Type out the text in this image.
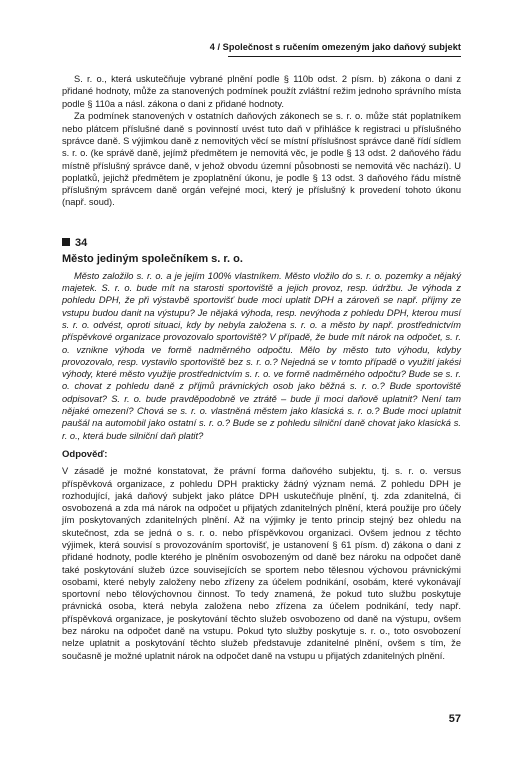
4 / Společnost s ručením omezeným jako daňový subjekt

S. r. o., která uskutečňuje vybrané plnění podle § 110b odst. 2 písm. b) zákona o dani z přidané hodnoty, může za stanovených podmínek použít zvláštní režim jednoho správního místa podle § 110a a násl. zákona o dani z přidané hodnoty.

Za podmínek stanovených v ostatních daňových zákonech se s. r. o. může stát poplatníkem nebo plátcem příslušné daně s povinností uvést tuto daň v přihlášce k registraci u příslušného správce daně. S výjimkou daně z nemovitých věcí se místní příslušnost správce daně řídí sídlem s. r. o. (ke správě daně, jejímž předmětem je nemovitá věc, je podle § 13 odst. 2 daňového řádu místně příslušný správce daně, v jehož obvodu územní působnosti se nemovitá věc nachází). U poplatků, jejichž předmětem je zpoplatnění úkonu, je podle § 13 odst. 3 daňového řádu místně příslušným správcem daně orgán veřejné moci, který je příslušný k provedení tohoto úkonu (např. soud).

34
Město jediným společníkem s. r. o.

Město založilo s. r. o. a je jejím 100% vlastníkem. Město vložilo do s. r. o. pozemky a nějaký majetek. S. r. o. bude mít na starosti sportoviště a jejich provoz, resp. údržbu. Je výhoda z pohledu DPH, že při výstavbě sportovišť bude moci uplatit DPH a zároveň se např. příjmy ze vstupu budou danit na výstupu? Je nějaká výhoda, resp. nevýhoda z pohledu DPH, kterou musí s. r. o. odvést, oproti situaci, kdy by nebyla založena s. r. o. a město by např. prostřednictvím příspěvkové organizace provozovalo sportoviště? V případě, že bude mít nárok na odpočet, s. r. o. vznikne výhoda ve formě nadměrného odpočtu. Mělo by město tuto výhodu, kdyby provozovalo, resp. vystavilo sportoviště bez s. r. o.? Nejedná se v tomto případě o využití jakési výhody, které město využije prostřednictvím s. r. o. ve formě nadměrného odpočtu? Bude se s. r. o. chovat z pohledu daně z příjmů právnických osob jako běžná s. r. o.? Bude sportoviště odpisovat? S. r. o. bude pravděpodobně ve ztrátě – bude ji moci daňově uplatnit? Není tam nějaké omezení? Chová se s. r. o. vlastněná městem jako klasická s. r. o.? Bude moci uplatnit paušál na automobil jako ostatní s. r. o.? Bude se z pohledu silniční daně chovat jako klasická s. r. o., která bude silniční daň platit?

Odpověď:

V zásadě je možné konstatovat, že právní forma daňového subjektu, tj. s. r. o. versus příspěvková organizace, z pohledu DPH prakticky žádný význam nemá. Z pohledu DPH je rozhodující, jaká daňový subjekt jako plátce DPH uskutečňuje plnění, tj. zda zdanitelná, či osvobozená a zda má nárok na odpočet u přijatých zdanitelných plnění, která použije pro účely jím poskytovaných zdanitelných plnění. Až na výjimky je tento princip stejný bez ohledu na skutečnost, zda se jedná o s. r. o. nebo příspěvkovou organizaci. Ovšem jednou z těchto výjimek, která souvisí s provozováním sportovišť, je ustanovení § 61 písm. d) zákona o dani z přidané hodnoty, podle kterého je plněním osvobozeným od daně bez nároku na odpočet daně také poskytování služeb úzce souvisejících se sportem nebo tělesnou výchovou právnickými osobami, které nebyly založeny nebo zřízeny za účelem podnikání, osobám, které vykonávají sportovní nebo tělovýchovnou činnost. To tedy znamená, že pokud tuto službu poskytuje právnická osoba, která nebyla založena nebo zřízena za účelem podnikání, tedy např. příspěvková organizace, je poskytování těchto služeb osvobozeno od daně na výstupu, ovšem bez nároku na odpočet daně na vstupu. Pokud tyto služby poskytuje s. r. o., toto osvobození nelze uplatnit a poskytování těchto služeb představuje zdanitelné plnění, ovšem s tím, že současně je možné uplatnit nárok na odpočet daně na vstupu u přijatých zdanitelných plnění.

57
